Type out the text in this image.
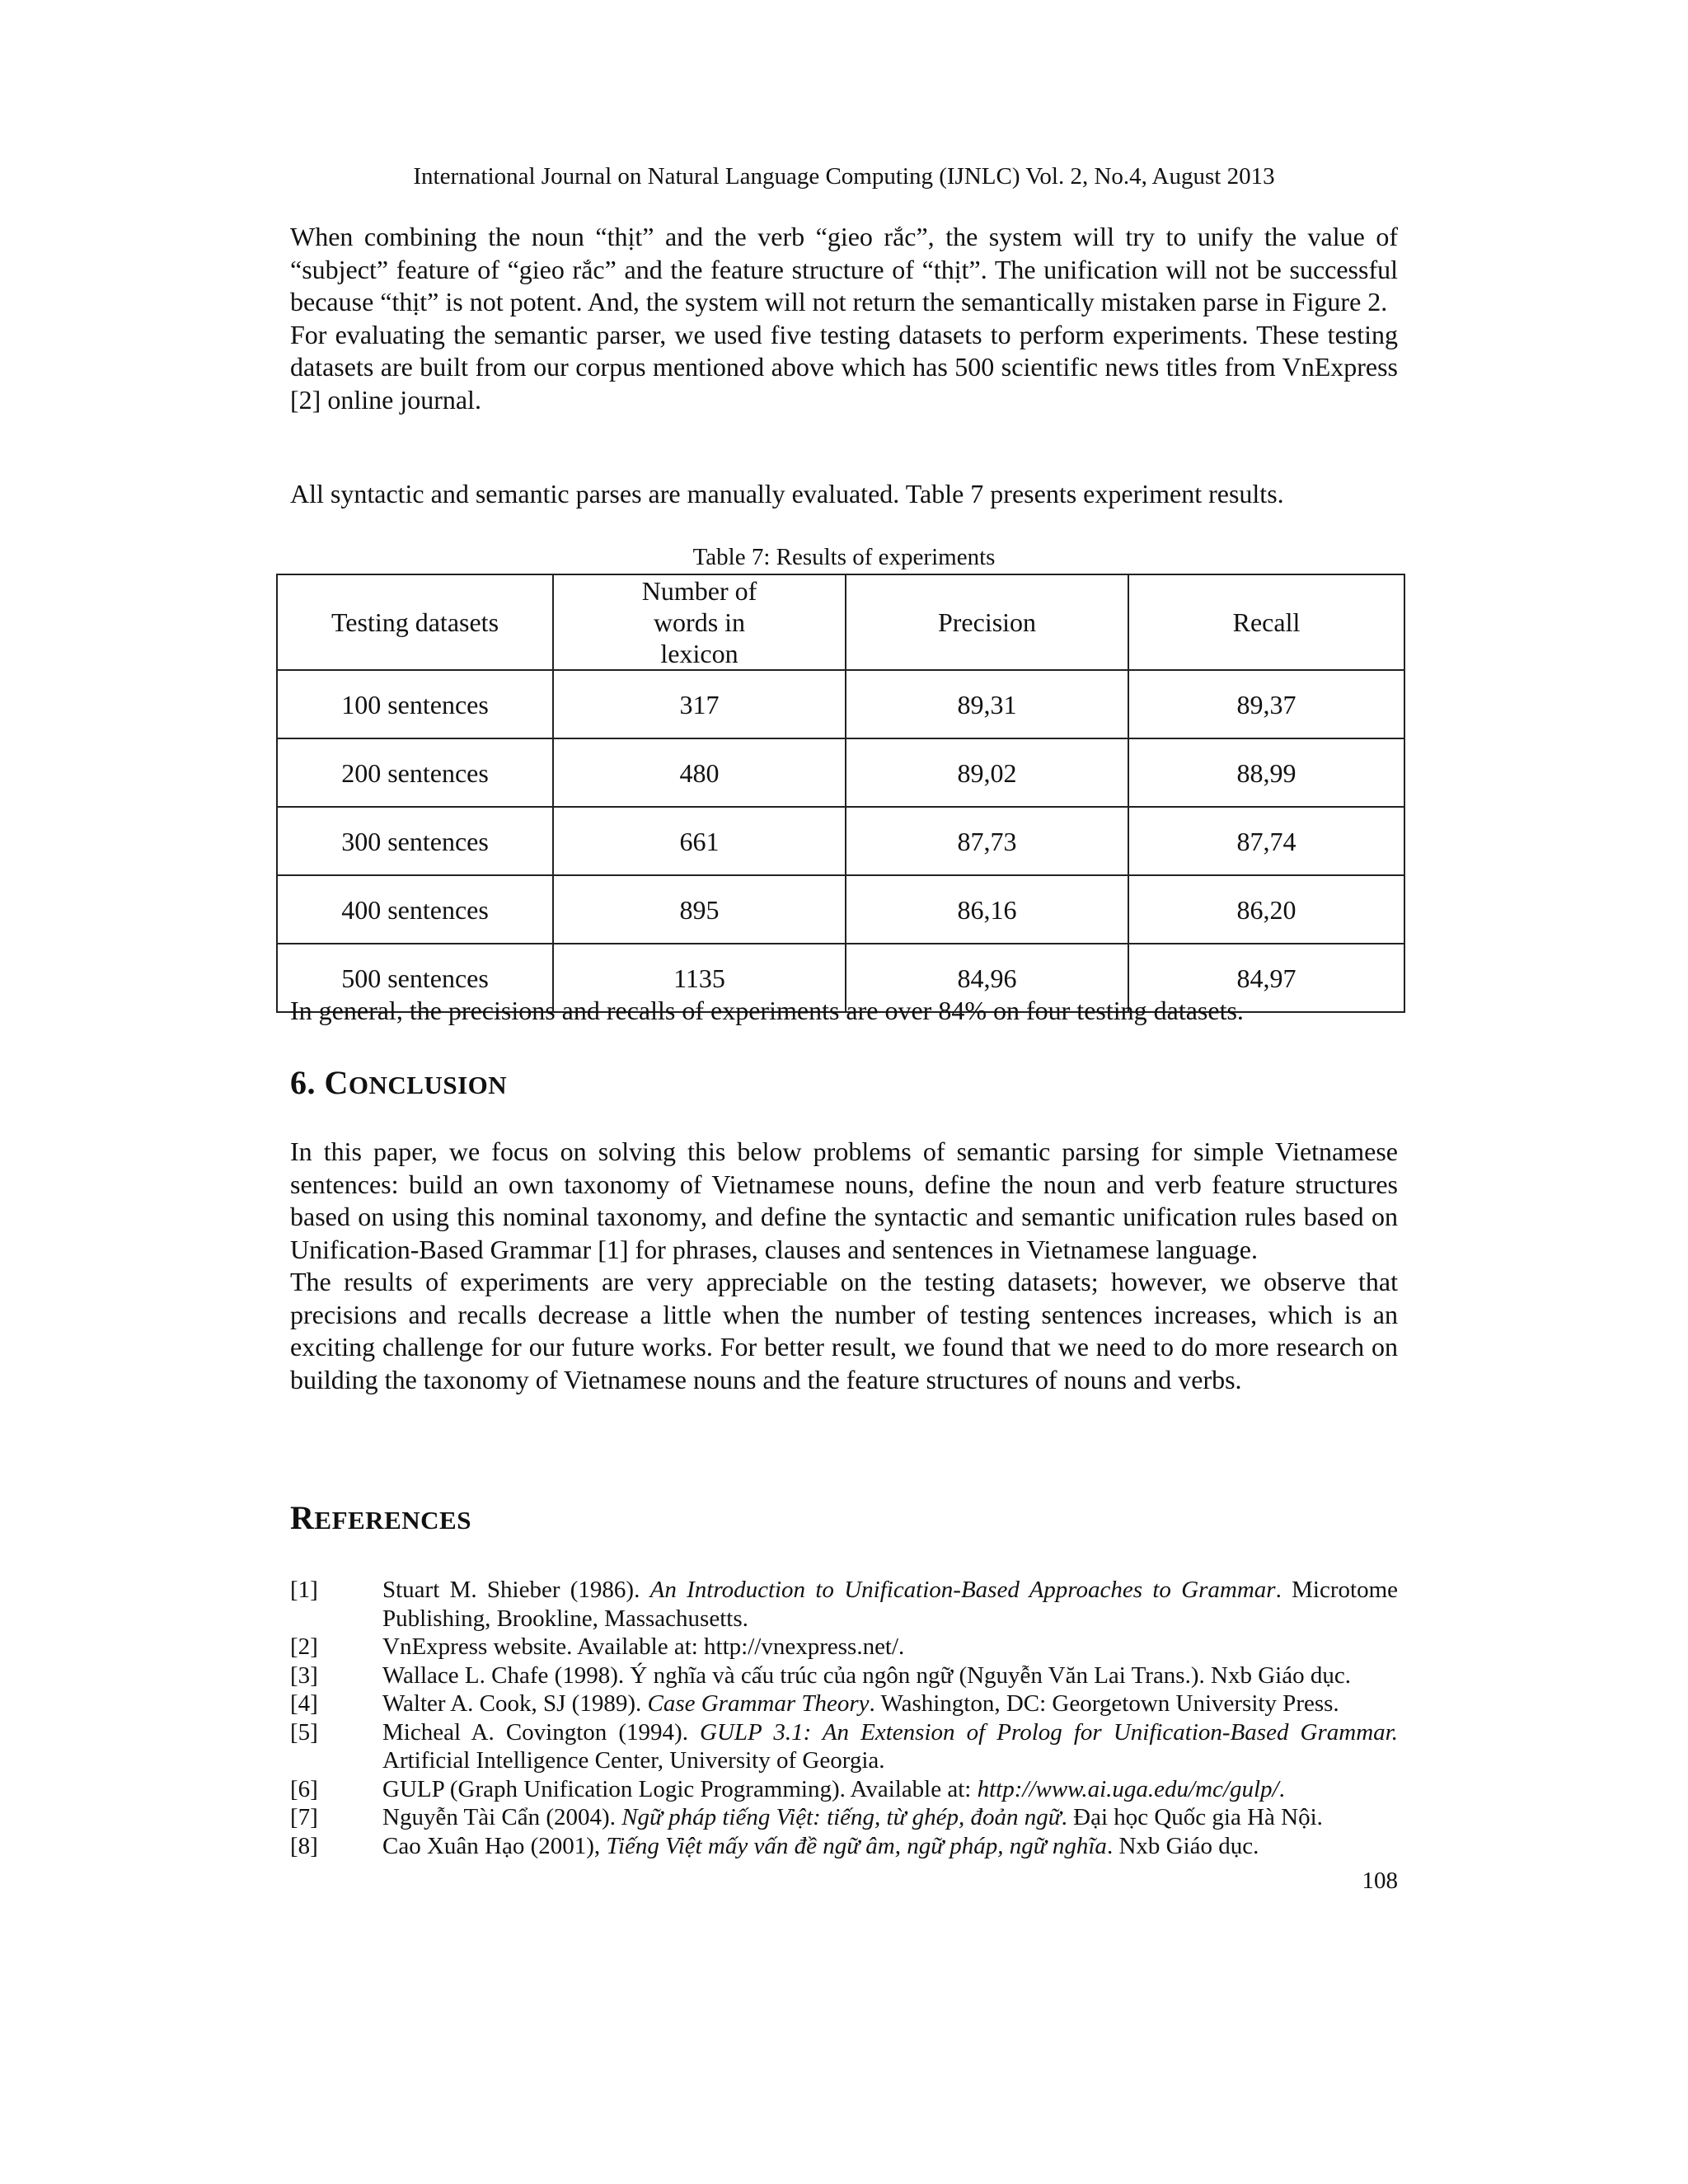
International Journal on Natural Language Computing (IJNLC) Vol. 2, No.4, August 2013

When combining the noun “thịt” and the verb “gieo rắc”, the system will try to unify the value of “subject” feature of “gieo rắc” and the feature structure of “thịt”. The unification will not be successful because “thịt” is not potent. And, the system will not return the semantically mistaken parse in Figure 2.

For evaluating the semantic parser, we used five testing datasets to perform experiments. These testing datasets are built from our corpus mentioned above which has 500 scientific news titles from VnExpress [2] online journal.

All syntactic and semantic parses are manually evaluated. Table 7 presents experiment results.

Table 7: Results of experiments
Testing datasets	Number of words in lexicon	Precision	Recall
100 sentences	317	89,31	89,37
200 sentences	480	89,02	88,99
300 sentences	661	87,73	87,74
400 sentences	895	86,16	86,20
500 sentences	1135	84,96	84,97

In general, the precisions and recalls of experiments are over 84% on four testing datasets.

6. CONCLUSION

In this paper, we focus on solving this below problems of semantic parsing for simple Vietnamese sentences: build an own taxonomy of Vietnamese nouns, define the noun and verb feature structures based on using this nominal taxonomy, and define the syntactic and semantic unification rules based on Unification-Based Grammar [1] for phrases, clauses and sentences in Vietnamese language.

The results of experiments are very appreciable on the testing datasets; however, we observe that precisions and recalls decrease a little when the number of testing sentences increases, which is an exciting challenge for our future works. For better result, we found that we need to do more research on building the taxonomy of Vietnamese nouns and the feature structures of nouns and verbs.

REFERENCES
[1]	Stuart M. Shieber (1986). An Introduction to Unification-Based Approaches to Grammar. Microtome Publishing, Brookline, Massachusetts.
[2]	VnExpress website. Available at: http://vnexpress.net/.
[3]	Wallace L. Chafe (1998). Ý nghĩa và cấu trúc của ngôn ngữ (Nguyễn Văn Lai Trans.). Nxb Giáo dục.
[4]	Walter A. Cook, SJ (1989). Case Grammar Theory. Washington, DC: Georgetown University Press.
[5]	Micheal A. Covington (1994). GULP 3.1: An Extension of Prolog for Unification-Based Grammar. Artificial Intelligence Center, University of Georgia.
[6]	GULP (Graph Unification Logic Programming). Available at: http://www.ai.uga.edu/mc/gulp/.
[7]	Nguyễn Tài Cẩn (2004). Ngữ pháp tiếng Việt: tiếng, từ ghép, đoản ngữ. Đại học Quốc gia Hà Nội.
[8]	Cao Xuân Hạo (2001), Tiếng Việt mấy vấn đề ngữ âm, ngữ pháp, ngữ nghĩa. Nxb Giáo dục.
108
